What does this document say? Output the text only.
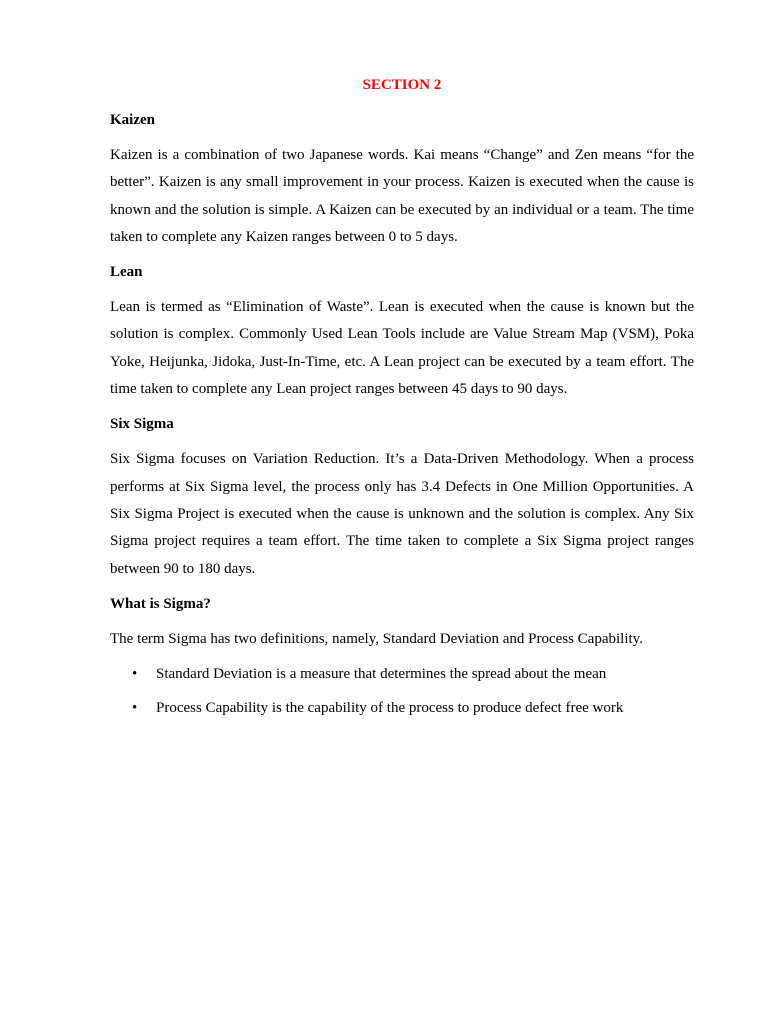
SECTION 2
Kaizen

Kaizen is a combination of two Japanese words. Kai means “Change” and Zen means “for the better”. Kaizen is any small improvement in your process. Kaizen is executed when the cause is known and the solution is simple. A Kaizen can be executed by an individual or a team. The time taken to complete any Kaizen ranges between 0 to 5 days.

Lean

Lean is termed as “Elimination of Waste”. Lean is executed when the cause is known but the solution is complex. Commonly Used Lean Tools include are Value Stream Map (VSM), Poka Yoke, Heijunka, Jidoka, Just-In-Time, etc. A Lean project can be executed by a team effort. The time taken to complete any Lean project ranges between 45 days to 90 days.

Six Sigma

Six Sigma focuses on Variation Reduction. It’s a Data-Driven Methodology. When a process performs at Six Sigma level, the process only has 3.4 Defects in One Million Opportunities. A Six Sigma Project is executed when the cause is unknown and the solution is complex. Any Six Sigma project requires a team effort. The time taken to complete a Six Sigma project ranges between 90 to 180 days.

What is Sigma?

The term Sigma has two definitions, namely, Standard Deviation and Process Capability.

• Standard Deviation is a measure that determines the spread about the mean
• Process Capability is the capability of the process to produce defect free work
